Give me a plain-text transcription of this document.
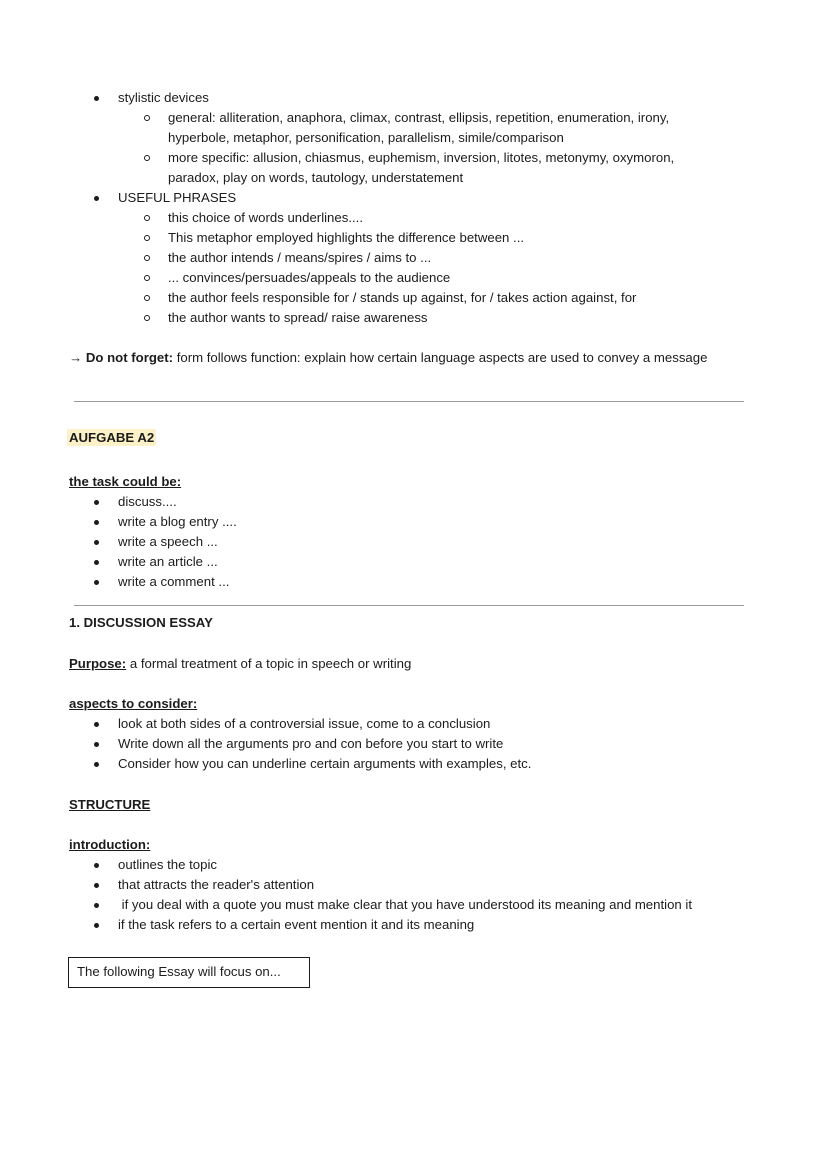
stylistic devices
general: alliteration, anaphora, climax, contrast, ellipsis, repetition, enumeration, irony,
hyperbole, metaphor, personification, parallelism, simile/comparison
more specific: allusion, chiasmus, euphemism, inversion, litotes, metonymy, oxymoron,
paradox, play on words, tautology, understatement
USEFUL PHRASES
this choice of words underlines....
This metaphor employed highlights the difference between ...
the author intends / means/spires / aims to ...
... convinces/persuades/appeals to the audience
the author feels responsible for / stands up against, for / takes action against, for
the author wants to spread/ raise awareness
→ Do not forget: form follows function: explain how certain language aspects are used to convey a message
AUFGABE A2
the task could be:
discuss....
write a blog entry ....
write a speech ...
write an article ...
write a comment ...
1. DISCUSSION ESSAY
Purpose: a formal treatment of a topic in speech or writing
aspects to consider:
look at both sides of a controversial issue, come to a conclusion
Write down all the arguments pro and con before you start to write
Consider how you can underline certain arguments with examples, etc.
STRUCTURE
introduction:
outlines the topic
that attracts the reader's attention
if you deal with a quote you must make clear that you have understood its meaning and mention it
if the task refers to a certain event mention it and its meaning
The following Essay will focus on...
